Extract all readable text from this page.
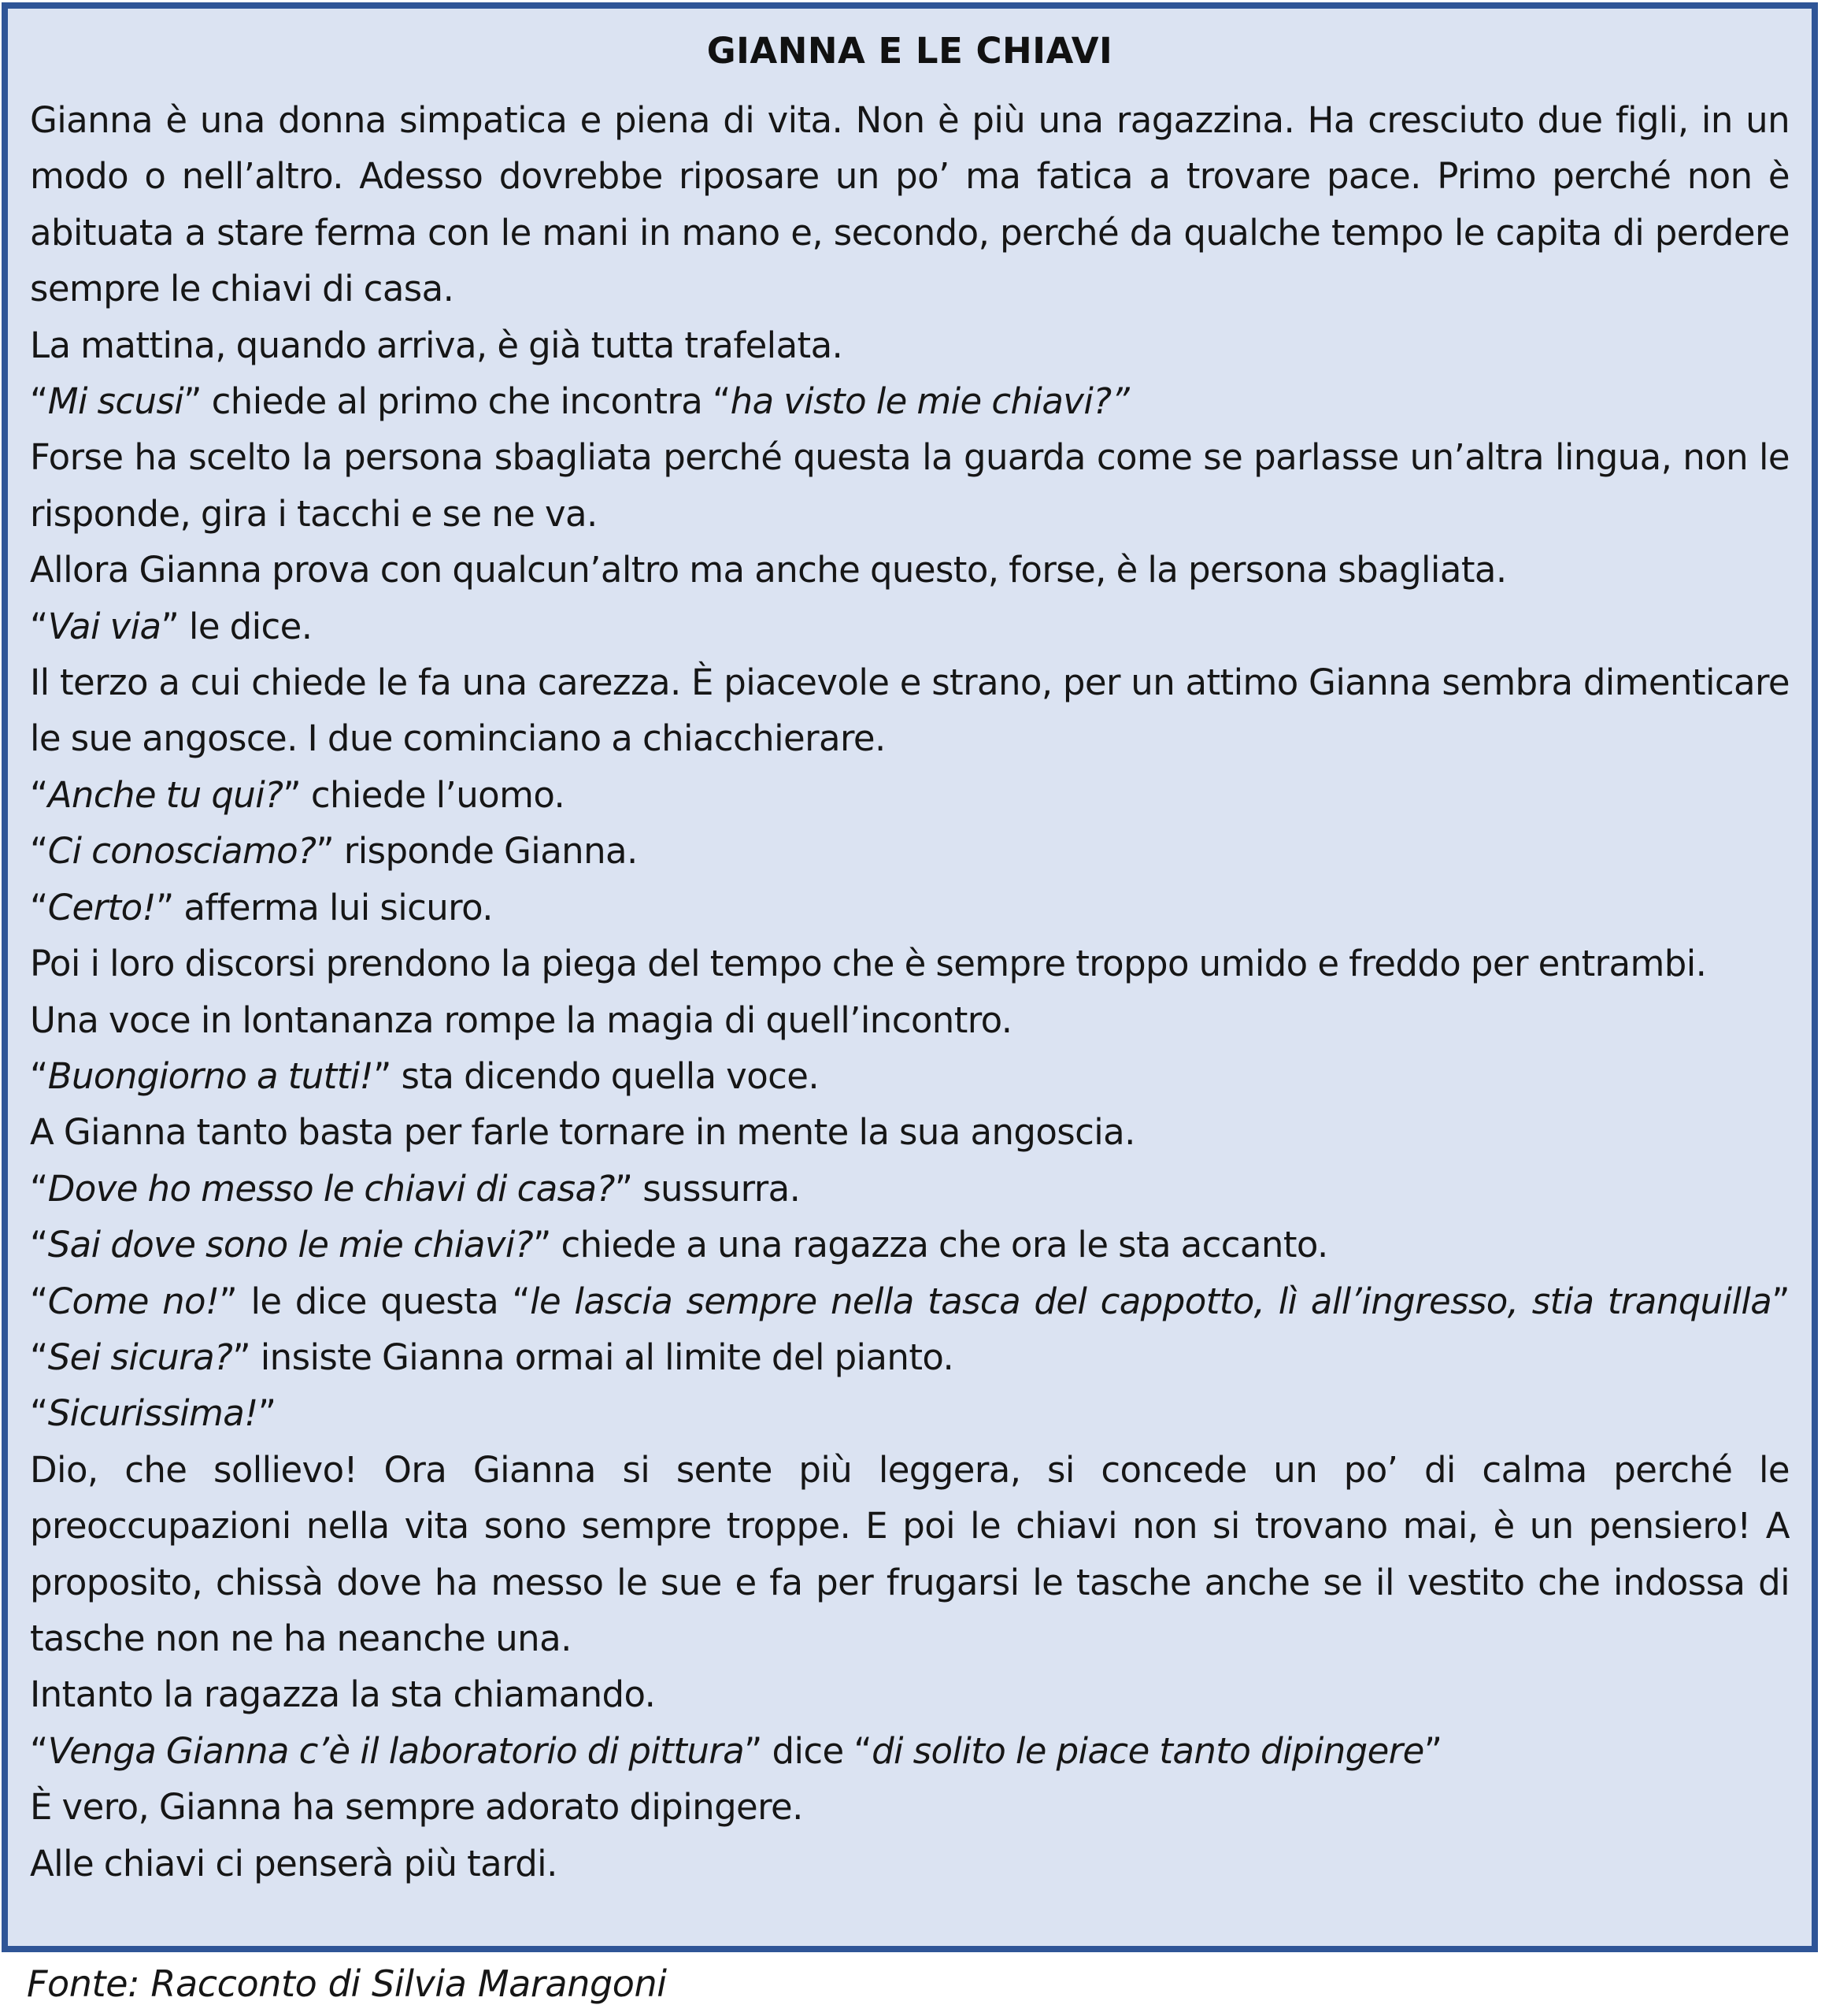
GIANNA E LE CHIAVI

Gianna è una donna simpatica e piena di vita. Non è più una ragazzina. Ha cresciuto due figli, in un modo o nell’altro. Adesso dovrebbe riposare un po’ ma fatica a trovare pace. Primo perché non è abituata a stare ferma con le mani in mano e, secondo, perché da qualche tempo le capita di perdere sempre le chiavi di casa.

La mattina, quando arriva, è già tutta trafelata.

“Mi scusi” chiede al primo che incontra “ha visto le mie chiavi?”

Forse ha scelto la persona sbagliata perché questa la guarda come se parlasse un’altra lingua, non le risponde, gira i tacchi e se ne va.

Allora Gianna prova con qualcun’altro ma anche questo, forse, è la persona sbagliata.

“Vai via” le dice.

Il terzo a cui chiede le fa una carezza. È piacevole e strano, per un attimo Gianna sembra dimenticare le sue angosce. I due cominciano a chiacchierare.

“Anche tu qui?” chiede l’uomo.

“Ci conosciamo?” risponde Gianna.

“Certo!” afferma lui sicuro.

Poi i loro discorsi prendono la piega del tempo che è sempre troppo umido e freddo per entrambi.

Una voce in lontananza rompe la magia di quell’incontro.

“Buongiorno a tutti!” sta dicendo quella voce.

A Gianna tanto basta per farle tornare in mente la sua angoscia.

“Dove ho messo le chiavi di casa?” sussurra.

“Sai dove sono le mie chiavi?” chiede a una ragazza che ora le sta accanto.

“Come no!” le dice questa “le lascia sempre nella tasca del cappotto, lì all’ingresso, stia tranquilla” “Sei sicura?” insiste Gianna ormai al limite del pianto.

“Sicurissima!”

Dio, che sollievo! Ora Gianna si sente più leggera, si concede un po’ di calma perché le preoccupazioni nella vita sono sempre troppe. E poi le chiavi non si trovano mai, è un pensiero! A proposito, chissà dove ha messo le sue e fa per frugarsi le tasche anche se il vestito che indossa di tasche non ne ha neanche una.

Intanto la ragazza la sta chiamando.

“Venga Gianna c’è il laboratorio di pittura” dice “di solito le piace tanto dipingere”

È vero, Gianna ha sempre adorato dipingere.

Alle chiavi ci penserà più tardi.

Fonte: Racconto di Silvia Marangoni
